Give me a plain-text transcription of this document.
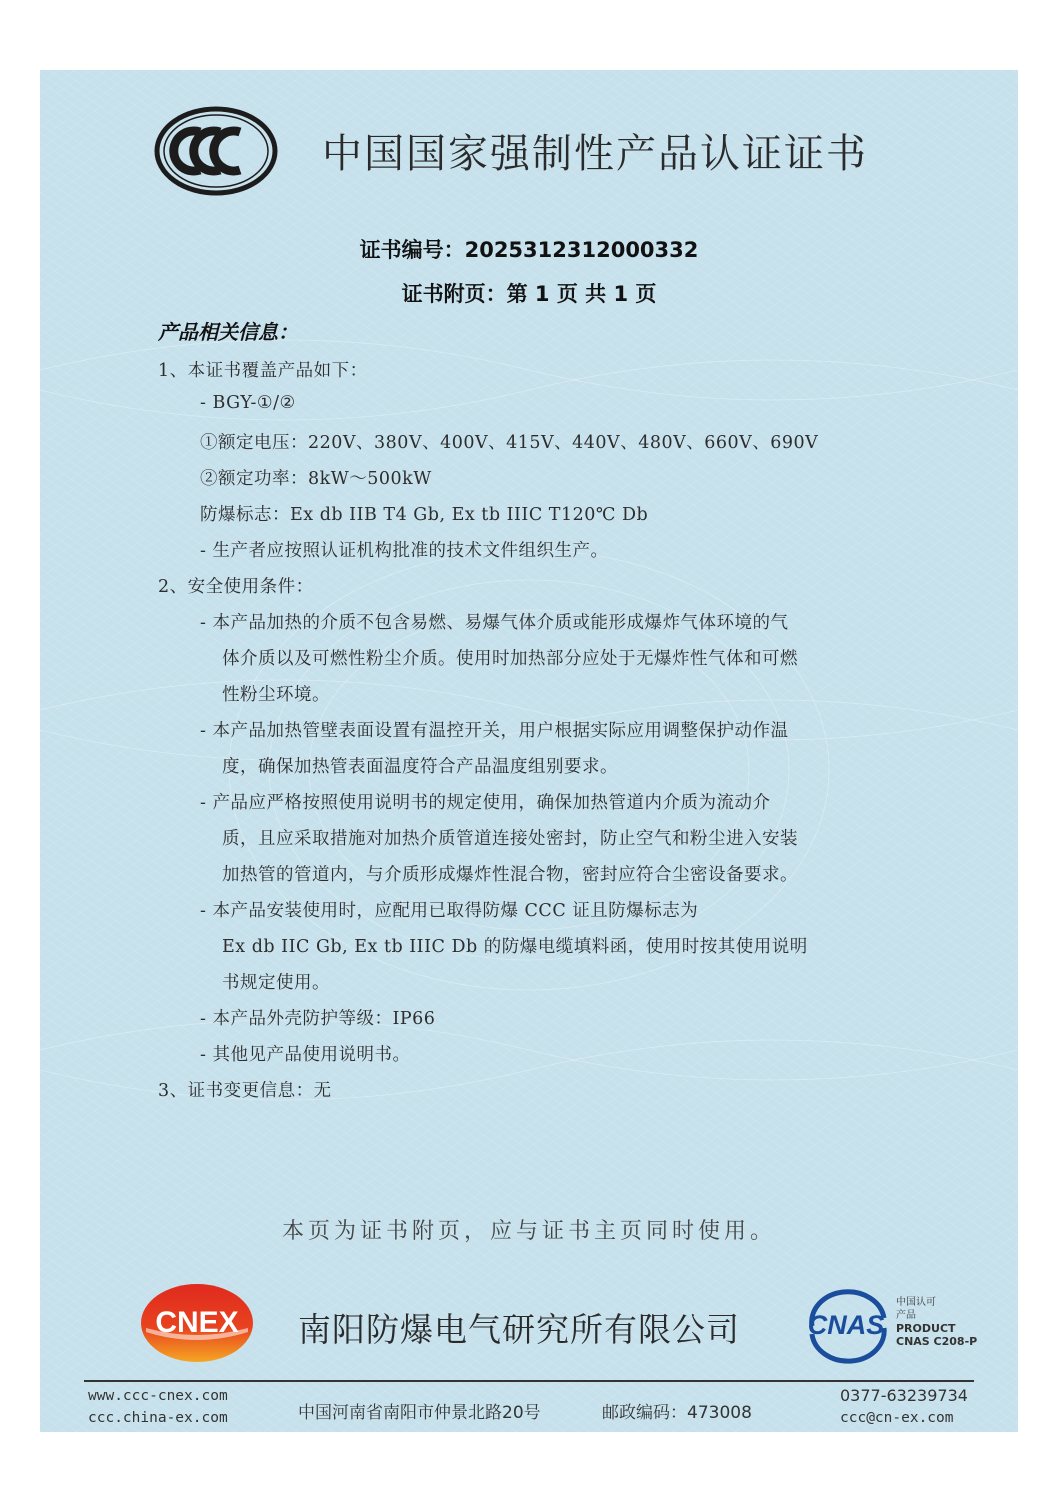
中国国家强制性产品认证证书
证书编号：2025312312000332
证书附页：第 1 页 共 1 页
产品相关信息：
1、本证书覆盖产品如下：
- BGY-①/②
①额定电压：220V、380V、400V、415V、440V、480V、660V、690V
②额定功率：8kW～500kW
防爆标志：Ex db IIB T4 Gb, Ex tb IIIC T120℃ Db
- 生产者应按照认证机构批准的技术文件组织生产。
2、安全使用条件：
- 本产品加热的介质不包含易燃、易爆气体介质或能形成爆炸气体环境的气
体介质以及可燃性粉尘介质。使用时加热部分应处于无爆炸性气体和可燃
性粉尘环境。
- 本产品加热管壁表面设置有温控开关，用户根据实际应用调整保护动作温
度，确保加热管表面温度符合产品温度组别要求。
- 产品应严格按照使用说明书的规定使用，确保加热管道内介质为流动介
质，且应采取措施对加热介质管道连接处密封，防止空气和粉尘进入安装
加热管的管道内，与介质形成爆炸性混合物，密封应符合尘密设备要求。
- 本产品安装使用时，应配用已取得防爆 CCC 证且防爆标志为
Ex db IIC Gb, Ex tb IIIC Db 的防爆电缆填料函，使用时按其使用说明
书规定使用。
- 本产品外壳防护等级：IP66
- 其他见产品使用说明书。
3、证书变更信息：无
本页为证书附页，应与证书主页同时使用。
CNEX 南阳防爆电气研究所有限公司	CNAS
中国认可
产品
PRODUCT
CNAS C208-P
www.ccc-cnex.com
ccc.china-ex.com	中国河南省南阳市仲景北路20号	邮政编码：473008
0377-63239734
ccc@cn-ex.com
